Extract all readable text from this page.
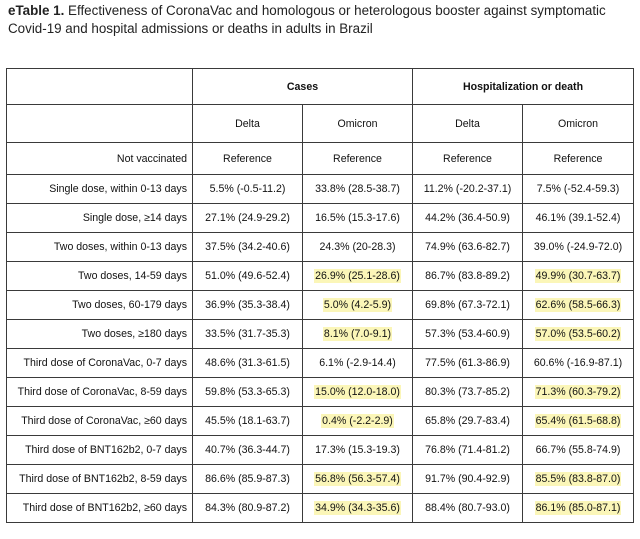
eTable 1. Effectiveness of CoronaVac and homologous or heterologous booster against symptomatic Covid-19 and hospital admissions or deaths in adults in Brazil
	Cases		Hospitalization or death	
	Delta	Omicron	Delta	Omicron
Not vaccinated	Reference	Reference	Reference	Reference
Single dose, within 0-13 days	5.5% (-0.5-11.2)	33.8% (28.5-38.7)	11.2% (-20.2-37.1)	7.5% (-52.4-59.3)
Single dose, ≥14 days	27.1% (24.9-29.2)	16.5% (15.3-17.6)	44.2% (36.4-50.9)	46.1% (39.1-52.4)
Two doses, within 0-13 days	37.5% (34.2-40.6)	24.3% (20-28.3)	74.9% (63.6-82.7)	39.0% (-24.9-72.0)
Two doses, 14-59 days	51.0% (49.6-52.4)	26.9% (25.1-28.6)	86.7% (83.8-89.2)	49.9% (30.7-63.7)
Two doses, 60-179 days	36.9% (35.3-38.4)	5.0% (4.2-5.9)	69.8% (67.3-72.1)	62.6% (58.5-66.3)
Two doses, ≥180 days	33.5% (31.7-35.3)	8.1% (7.0-9.1)	57.3% (53.4-60.9)	57.0% (53.5-60.2)
Third dose of CoronaVac, 0-7 days	48.6% (31.3-61.5)	6.1% (-2.9-14.4)	77.5% (61.3-86.9)	60.6% (-16.9-87.1)
Third dose of CoronaVac, 8-59 days	59.8% (53.3-65.3)	15.0% (12.0-18.0)	80.3% (73.7-85.2)	71.3% (60.3-79.2)
Third dose of CoronaVac, ≥60 days	45.5% (18.1-63.7)	0.4% (-2.2-2.9)	65.8% (29.7-83.4)	65.4% (61.5-68.8)
Third dose of BNT162b2, 0-7 days	40.7% (36.3-44.7)	17.3% (15.3-19.3)	76.8% (71.4-81.2)	66.7% (55.8-74.9)
Third dose of BNT162b2, 8-59 days	86.6% (85.9-87.3)	56.8% (56.3-57.4)	91.7% (90.4-92.9)	85.5% (83.8-87.0)
Third dose of BNT162b2, ≥60 days	84.3% (80.9-87.2)	34.9% (34.3-35.6)	88.4% (80.7-93.0)	86.1% (85.0-87.1)
